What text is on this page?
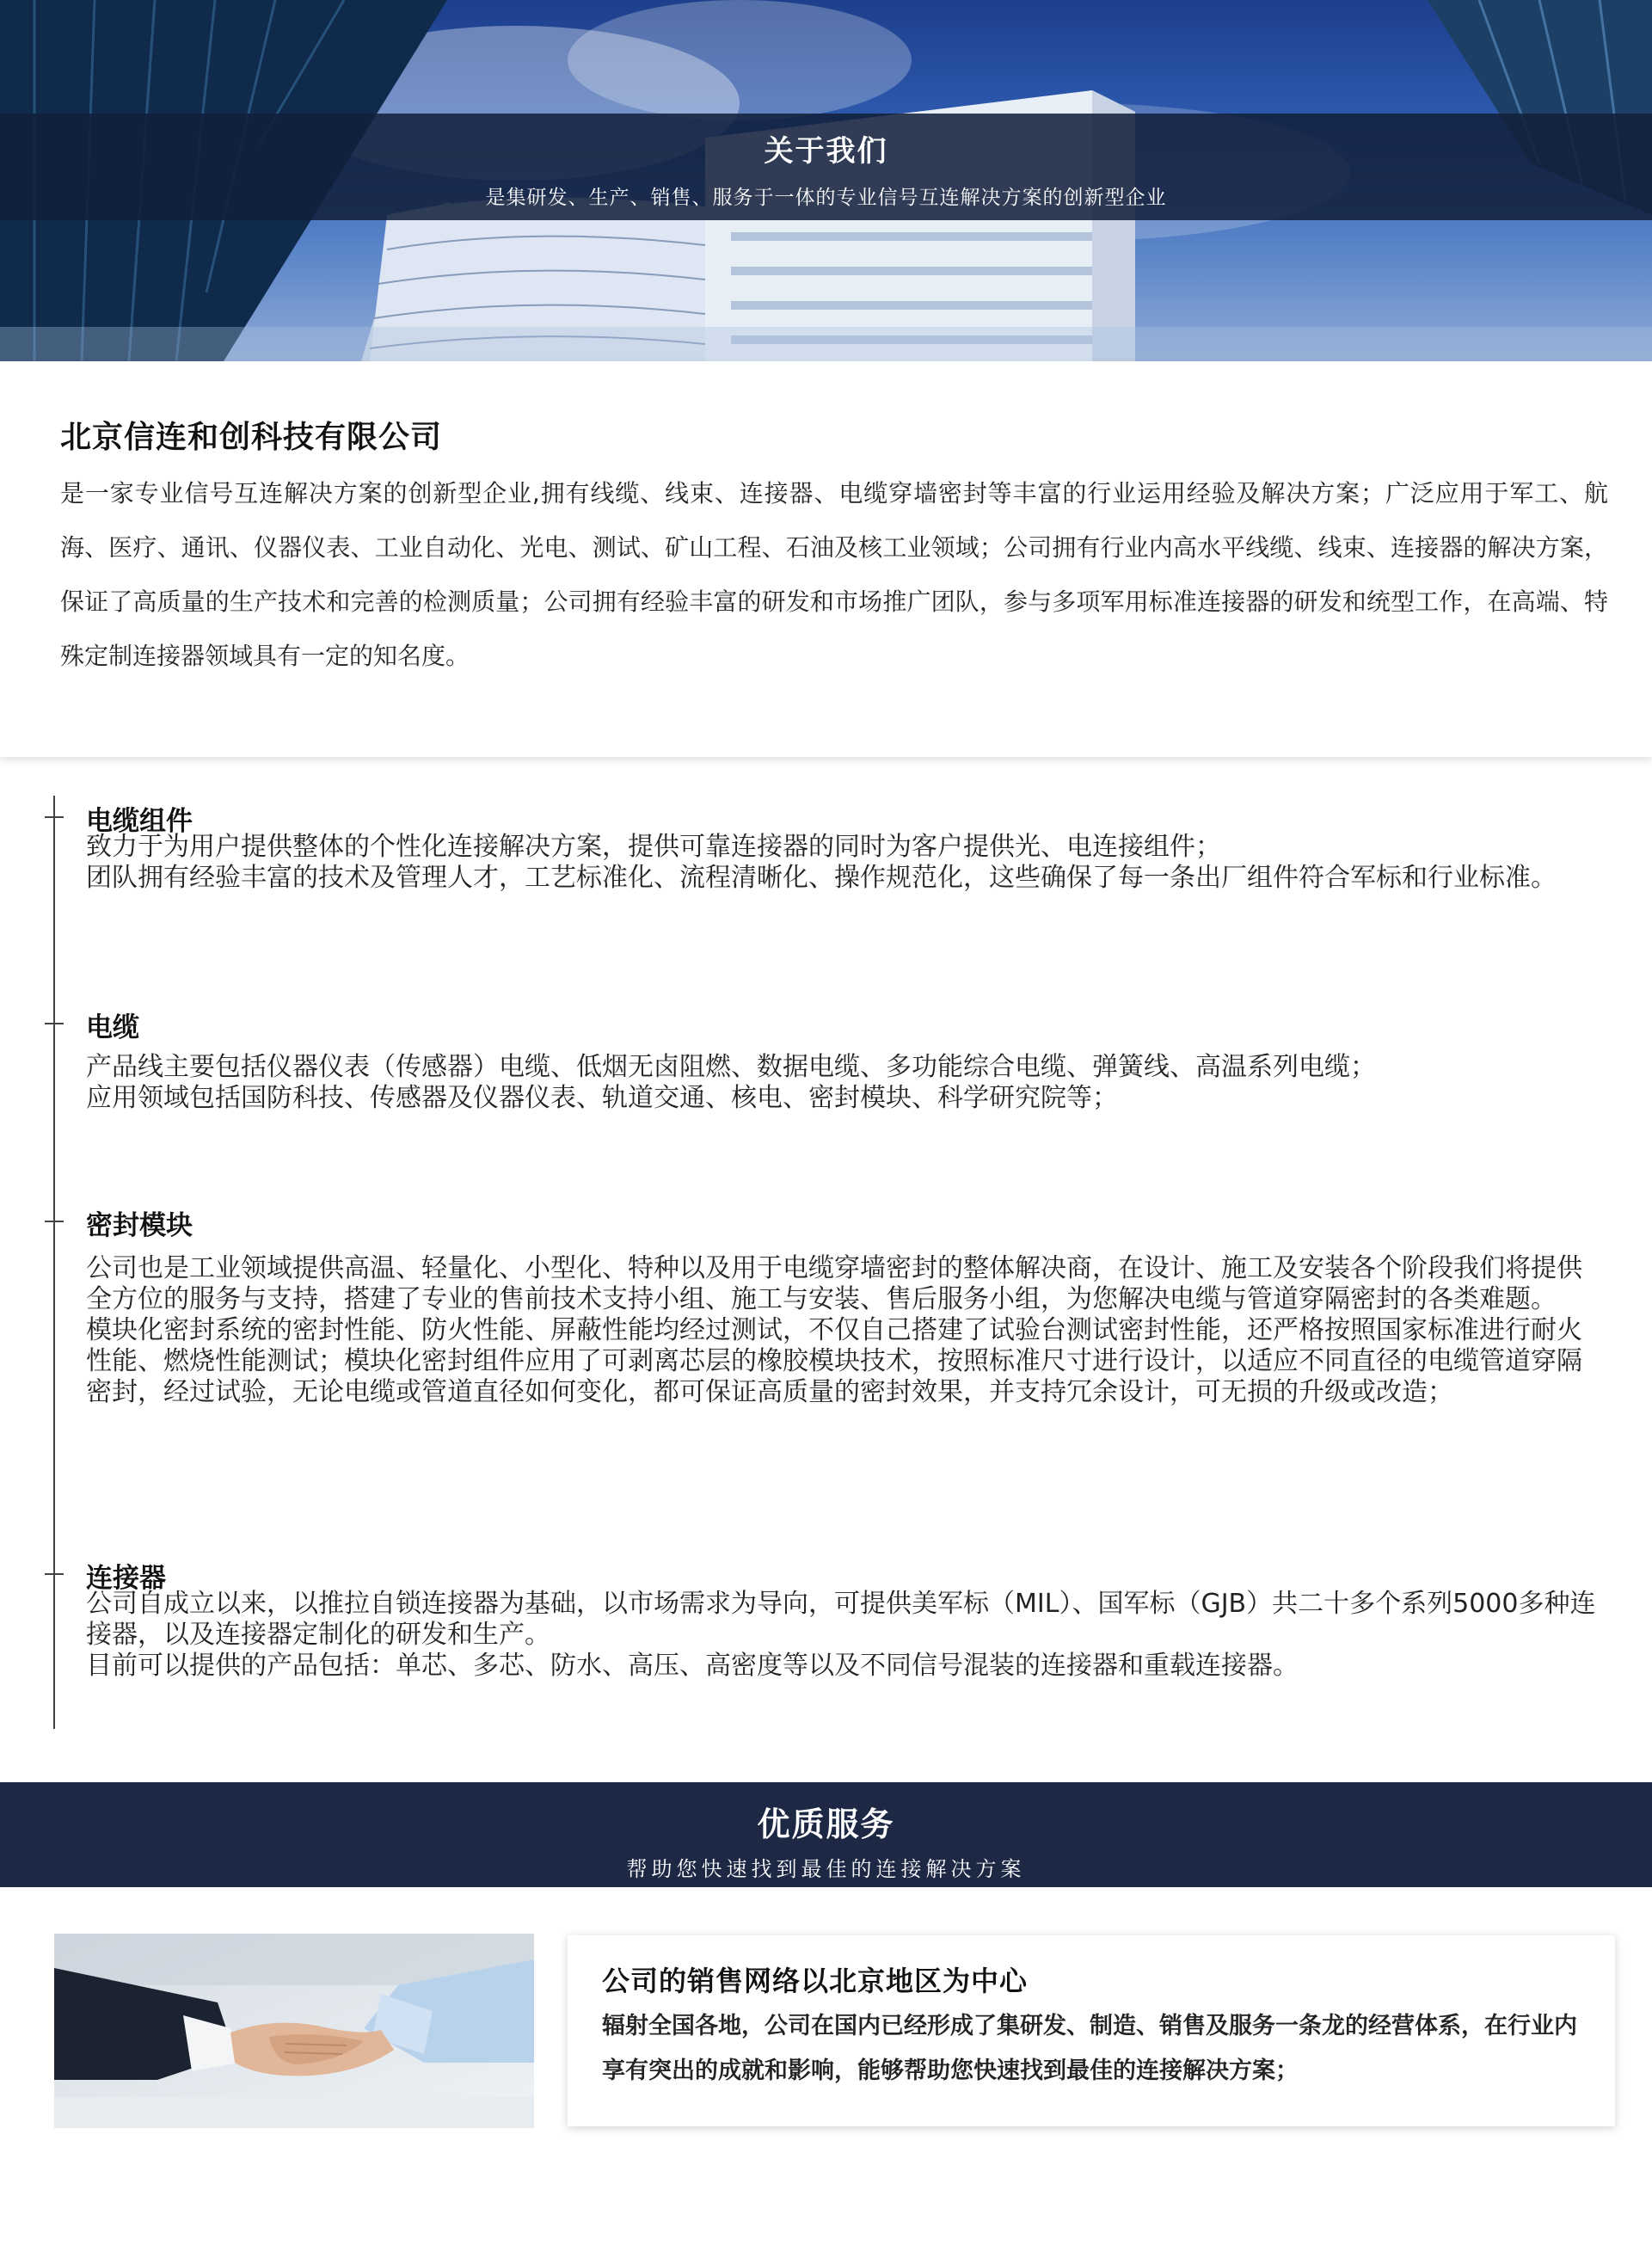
关于我们
是集研发、生产、销售、服务于一体的专业信号互连解决方案的创新型企业
北京信连和创科技有限公司
是一家专业信号互连解决方案的创新型企业,拥有线缆、线束、连接器、电缆穿墙密封等丰富的行业运用经验及解决方案；广泛应用于军工、航海、医疗、通讯、仪器仪表、工业自动化、光电、测试、矿山工程、石油及核工业领域；公司拥有行业内高水平线缆、线束、连接器的解决方案，保证了高质量的生产技术和完善的检测质量；公司拥有经验丰富的研发和市场推广团队，参与多项军用标准连接器的研发和统型工作，在高端、特殊定制连接器领域具有一定的知名度。
电缆组件
致力于为用户提供整体的个性化连接解决方案，提供可靠连接器的同时为客户提供光、电连接组件；
团队拥有经验丰富的技术及管理人才，工艺标准化、流程清晰化、操作规范化，这些确保了每一条出厂组件符合军标和行业标准。
电缆
产品线主要包括仪器仪表（传感器）电缆、低烟无卤阻燃、数据电缆、多功能综合电缆、弹簧线、高温系列电缆；
应用领域包括国防科技、传感器及仪器仪表、轨道交通、核电、密封模块、科学研究院等；
密封模块
公司也是工业领域提供高温、轻量化、小型化、特种以及用于电缆穿墙密封的整体解决商，在设计、施工及安装各个阶段我们将提供全方位的服务与支持，搭建了专业的售前技术支持小组、施工与安装、售后服务小组，为您解决电缆与管道穿隔密封的各类难题。
模块化密封系统的密封性能、防火性能、屏蔽性能均经过测试，不仅自己搭建了试验台测试密封性能，还严格按照国家标准进行耐火性能、燃烧性能测试；模块化密封组件应用了可剥离芯层的橡胶模块技术，按照标准尺寸进行设计，以适应不同直径的电缆管道穿隔密封，经过试验，无论电缆或管道直径如何变化，都可保证高质量的密封效果，并支持冗余设计，可无损的升级或改造；
连接器
公司自成立以来，以推拉自锁连接器为基础，以市场需求为导向，可提供美军标（MIL）、国军标（GJB）共二十多个系列5000多种连接器，以及连接器定制化的研发和生产。
目前可以提供的产品包括：单芯、多芯、防水、高压、高密度等以及不同信号混装的连接器和重载连接器。
优质服务
帮助您快速找到最佳的连接解决方案
公司的销售网络以北京地区为中心
辐射全国各地，公司在国内已经形成了集研发、制造、销售及服务一条龙的经营体系，在行业内享有突出的成就和影响，能够帮助您快速找到最佳的连接解决方案；
